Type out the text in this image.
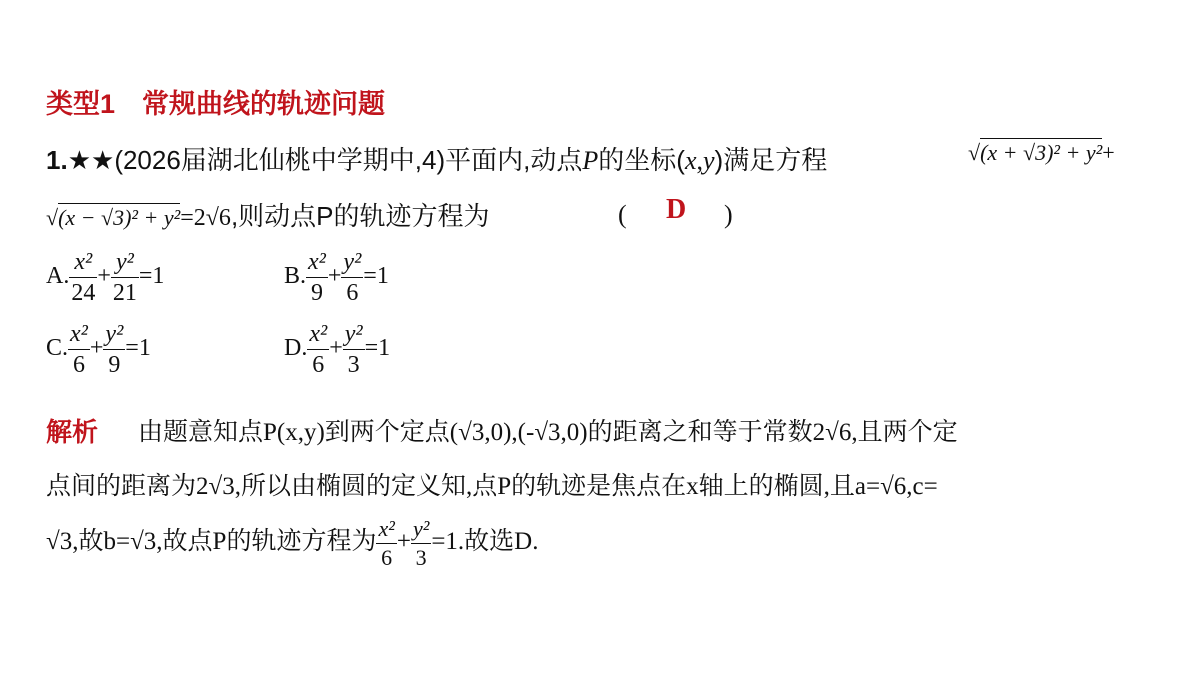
类型1　常规曲线的轨迹问题
1.★★(2026届湖北仙桃中学期中,4)平面内,动点P的坐标(x,y)满足方程	√(x + √3)² + y²+
√(x − √3)² + y²=2√6,则动点P的轨迹方程为	( D )
A. $\frac{\text{x²}}{24} + \frac{\text{y²}}{21} =1$	B. $\frac{\text{x²}}{9} + \frac{\text{y²}}{6} =1$
C. $\frac{\text{x²}}{6} + \frac{\text{y²}}{9} =1$	D. $\frac{\text{x²}}{6} + \frac{\text{y²}}{3} =1$
解析 由题意知点P(x,y)到两个定点(√3,0),(-√3,0)的距离之和等于常数2√6,且两个定
点间的距离为2√3,所以由椭圆的定义知,点P的轨迹是焦点在x轴上的椭圆,且a=√6,c=
√3,故b=√3,故点P的轨迹方程为 $\frac{\text{x²}}{6} + \frac{\text{y²}}{3} =1$.故选D.
